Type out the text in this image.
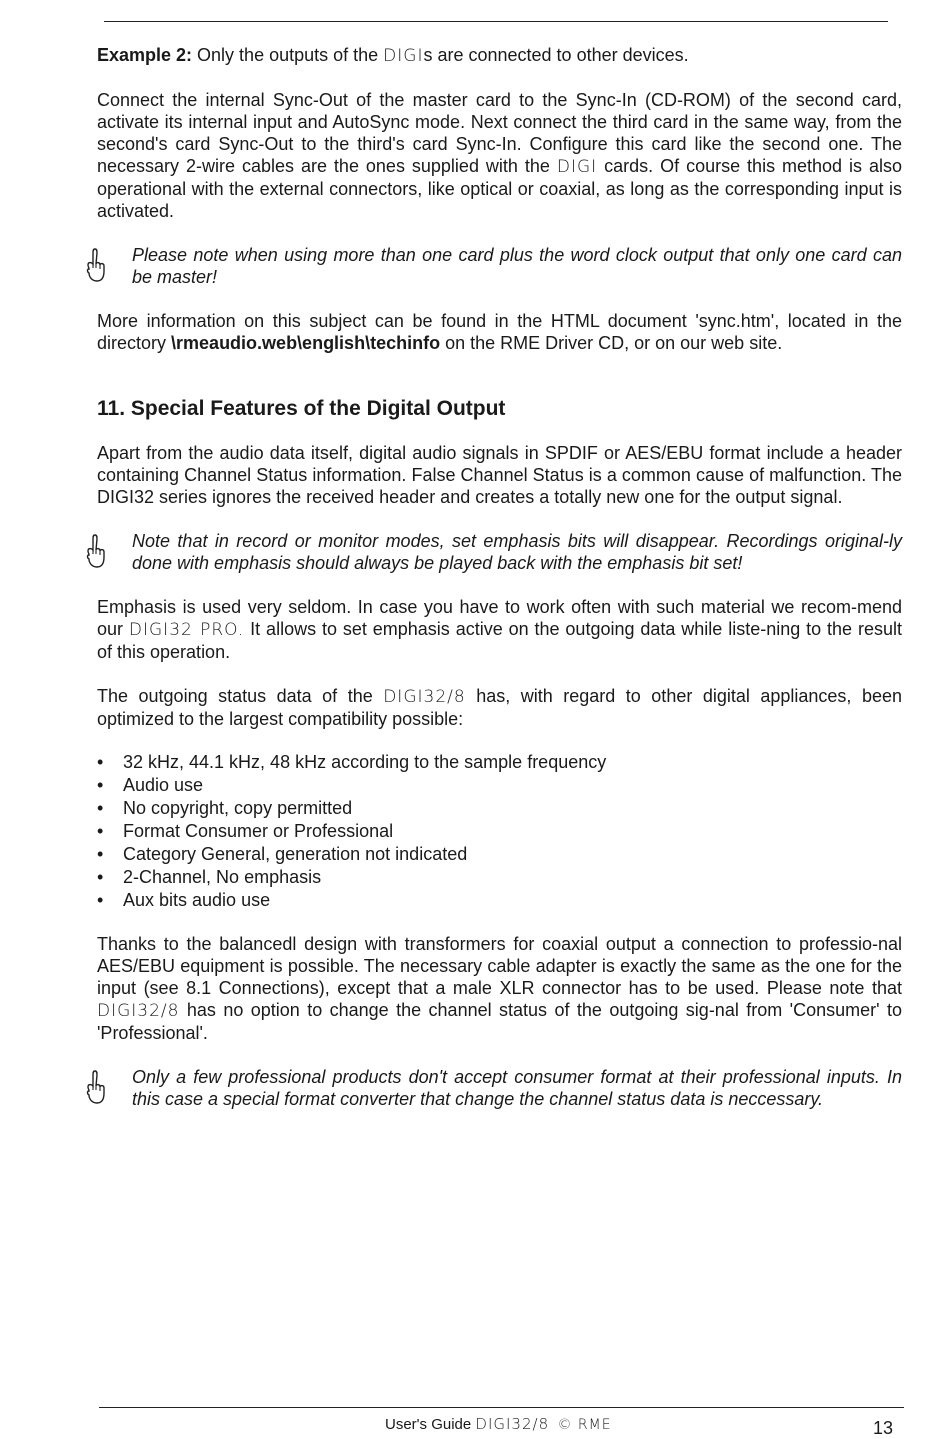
Example 2: Only the outputs of the DIGIs are connected to other devices.

Connect the internal Sync-Out of the master card to the Sync-In (CD-ROM) of the second card, activate its internal input and AutoSync mode. Next connect the third card in the same way, from the second's card Sync-Out to the third's card Sync-In. Configure this card like the second one. The necessary 2-wire cables are the ones supplied with the DIGI cards. Of course this method is also operational with the external connectors, like optical or coaxial, as long as the corresponding input is activated.

Please note when using more than one card plus the word clock output that only one card can be master!

More information on this subject can be found in the HTML document 'sync.htm', located in the directory \rmeaudio.web\english\techinfo on the RME Driver CD, or on our web site.

11. Special Features of the Digital Output

Apart from the audio data itself, digital audio signals in SPDIF or AES/EBU format include a header containing Channel Status information. False Channel Status is a common cause of malfunction. The DIGI32 series ignores the received header and creates a totally new one for the output signal.

Note that in record or monitor modes, set emphasis bits will disappear. Recordings original-ly done with emphasis should always be played back with the emphasis bit set!

Emphasis is used very seldom. In case you have to work often with such material we recom-mend our DIGI32 PRO. It allows to set emphasis active on the outgoing data while liste-ning to the result of this operation.

The outgoing status data of the DIGI32/8 has, with regard to other digital appliances, been optimized to the largest compatibility possible:

• 32 kHz, 44.1 kHz, 48 kHz according to the sample frequency
• Audio use
• No copyright, copy permitted
• Format Consumer or Professional
• Category General, generation not indicated
• 2-Channel, No emphasis
• Aux bits audio use

Thanks to the balancedl design with transformers for coaxial output a connection to professio-nal AES/EBU equipment is possible. The necessary cable adapter is exactly the same as the one for the input (see 8.1 Connections), except that a male XLR connector has to be used. Please note that DIGI32/8 has no option to change the channel status of the outgoing sig-nal from 'Consumer' to 'Professional'.

Only a few professional products don't accept consumer format at their professional inputs. In this case a special format converter that change the channel status data is neccessary.

User's Guide DIGI32/8 © RME	13
